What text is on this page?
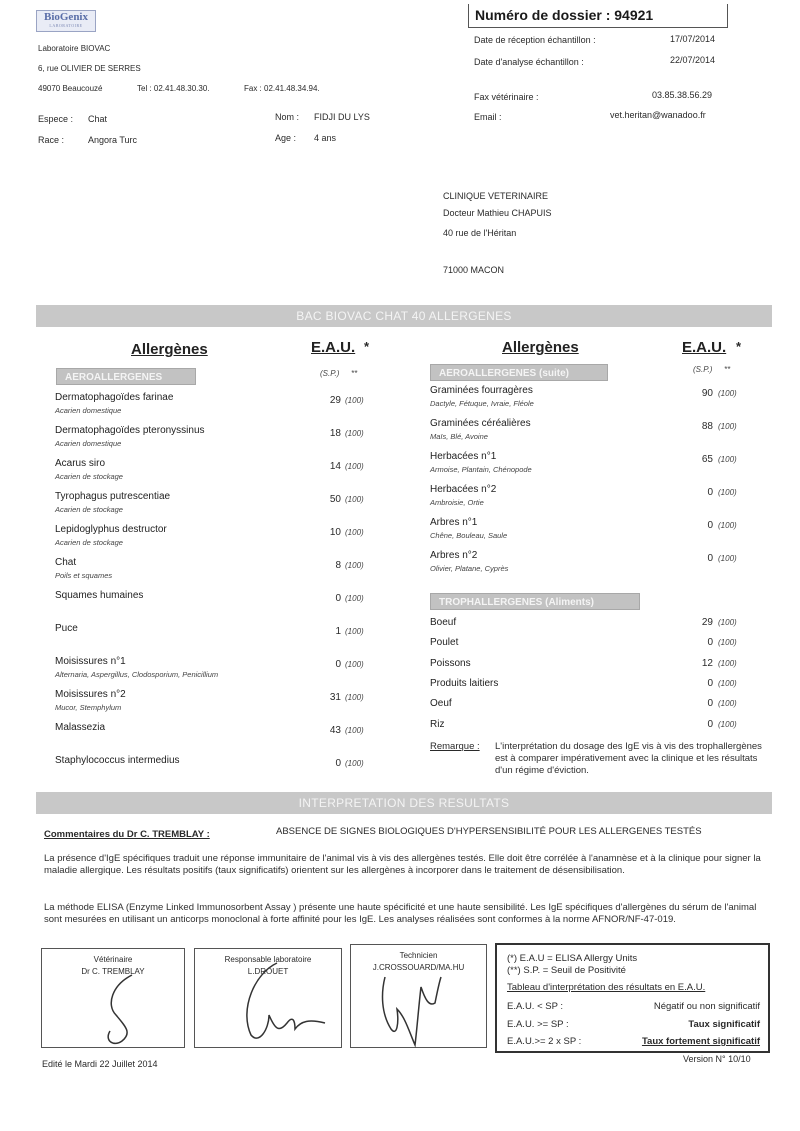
BioGenix
LABORATOIRE
Laboratoire BIOVAC
6, rue OLIVIER DE SERRES
49070 Beaucouzé	Tel : 02.41.48.30.30.	Fax : 02.41.48.34.94.
Numéro de dossier : 94921
Date de réception échantillon :	17/07/2014
Date d'analyse échantillon :	22/07/2014
Fax vétérinaire :	03.85.38.56.29
Email :	vet.heritan@wanadoo.fr
Espece : Chat
Race :	Angora Turc
Nom : FIDJI DU LYS
Age : 4 ans
CLINIQUE VETERINAIRE
Docteur Mathieu CHAPUIS
40 rue de l'Héritan
71000 MACON
BAC BIOVAC CHAT 40 ALLERGENES
Allergènes	E.A.U. *
(S.P.) **
Allergènes	E.A.U. *
(S.P.) **
AEROALLERGENES	AEROALLERGENES (suite)
TROPHALLERGENES (Aliments)
Dermatophagoïdes farinae
Acarien domestique
29 (100)
Dermatophagoïdes pteronyssinus
Acarien domestique
18 (100)
Acarus siro
Acarien de stockage
14 (100)
Tyrophagus putrescentiae
Acarien de stockage
50 (100)
Lepidoglyphus destructor
Acarien de stockage
10 (100)
Chat
Poils et squames
8 (100)
Squames humaines	0 (100)
Puce	1 (100)
Moisissures n°1
Alternaria, Aspergillus, Clodosporium, Penicillium
0 (100)
Moisissures n°2
Mucor, Stemphylum
31 (100)
Malassezia	43 (100)
Staphylococcus intermedius	0 (100)
Graminées fourragères
Dactyle, Fétuque, Ivraie, Fléole
90 (100)
Graminées céréalières
Maïs, Blé, Avoine
88 (100)
Herbacées n°1
Armoise, Plantain, Chénopode
65 (100)
Herbacées n°2
Ambroisie, Ortie
0 (100)
Arbres n°1
Chêne, Bouleau, Saule
0 (100)
Arbres n°2
Olivier, Platane, Cyprès
0 (100)
Boeuf	29 (100)
Poulet	0 (100)
Poissons	12 (100)
Produits laitiers	0 (100)
Oeuf	0 (100)
Riz	0 (100)
Remarque : L'interprétation du dosage des IgE vis à vis des trophallergènes est à comparer impérativement avec la clinique et les résultats d'un régime d'éviction.
INTERPRETATION DES RESULTATS
Commentaires du Dr C. TREMBLAY :	ABSENCE DE SIGNES BIOLOGIQUES D'HYPERSENSIBILITÉ POUR LES ALLERGENES TESTÉS
La présence d'IgE spécifiques traduit une réponse immunitaire de l'animal vis à vis des allergènes testés. Elle doit être corrélée à l'anamnèse et à la clinique pour signer la maladie allergique. Les résultats positifs (taux significatifs) orientent sur les allergènes à incorporer dans le traitement de désensibilisation.
La méthode ELISA (Enzyme Linked Immunosorbent Assay ) présente une haute spécificité et une haute sensibilité. Les IgE spécifiques d'allergènes du sérum de l'animal sont mesurées en utilisant un anticorps monoclonal à forte affinité pour les IgE. Les analyses réalisées sont conformes à la norme AFNOR/NF-47-019.
Vétérinaire
Dr C. TREMBLAY
Responsable laboratoire
L.DROUET
Technicien
J.CROSSOUARD/MA.HU
(*) E.A.U = ELISA Allergy Units
(**) S.P. = Seuil de Positivité
Tableau d'interprétation des résultats en E.A.U.
E.A.U. < SP :	Négatif ou non significatif
E.A.U. >= SP :	Taux significatif
E.A.U.>= 2 x SP :	Taux fortement significatif
Edité le Mardi 22 Juillet 2014	Version N° 10/10
